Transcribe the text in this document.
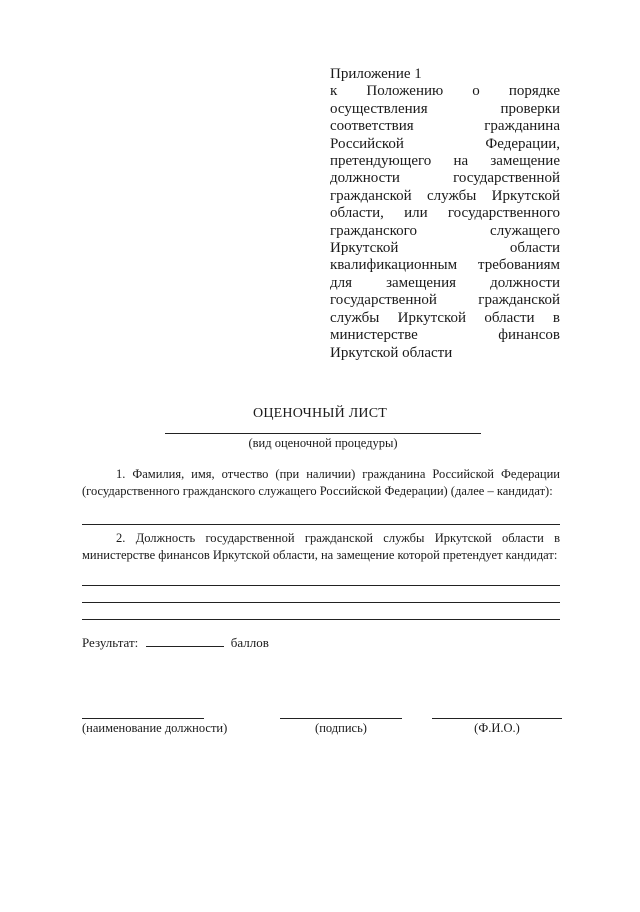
Приложение 1
к Положению о порядке
осуществления проверки
соответствия гражданина
Российской Федерации,
претендующего на замещение
должности государственной
гражданской службы Иркутской
области, или государственного
гражданского служащего
Иркутской области
квалификационным требованиям
для замещения должности
государственной гражданской
службы Иркутской области в
министерстве финансов
Иркутской области
ОЦЕНОЧНЫЙ ЛИСТ
(вид оценочной процедуры)
1. Фамилия, имя, отчество (при наличии) гражданина Российской Федерации (государственного гражданского служащего Российской Федерации) (далее – кандидат):
2. Должность государственной гражданской службы Иркутской области в министерстве финансов Иркутской области, на замещение которой претендует кандидат:
Результат:	баллов
(наименование должности)	(подпись)	(Ф.И.О.)
